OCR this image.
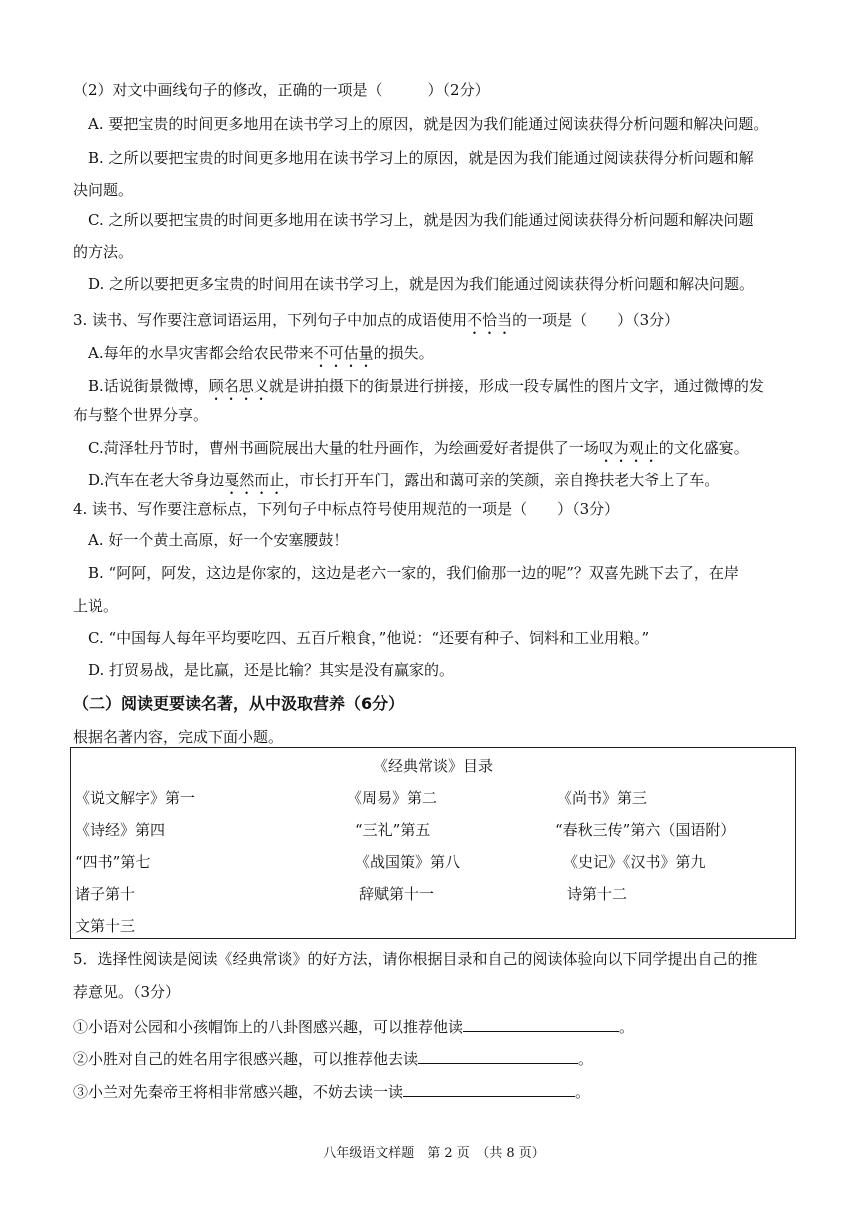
（2）对文中画线句子的修改，正确的一项是（　　　）（2分）
A. 要把宝贵的时间更多地用在读书学习上的原因，就是因为我们能通过阅读获得分析问题和解决问题。
B. 之所以要把宝贵的时间更多地用在读书学习上的原因，就是因为我们能通过阅读获得分析问题和解
决问题。
C. 之所以要把宝贵的时间更多地用在读书学习上，就是因为我们能通过阅读获得分析问题和解决问题
的方法。
D. 之所以要把更多宝贵的时间用在读书学习上，就是因为我们能通过阅读获得分析问题和解决问题。
3. 读书、写作要注意词语运用，下列句子中加点的成语使用不恰当的一项是（　　）（3分）
A.每年的水旱灾害都会给农民带来不可估量的损失。
B.话说街景微博，顾名思义就是讲拍摄下的街景进行拼接，形成一段专属性的图片文字，通过微博的发
布与整个世界分享。
C.菏泽牡丹节时，曹州书画院展出大量的牡丹画作，为绘画爱好者提供了一场叹为观止的文化盛宴。
D.汽车在老大爷身边戛然而止，市长打开车门，露出和蔼可亲的笑颜，亲自搀扶老大爷上了车。
4. 读书、写作要注意标点，下列句子中标点符号使用规范的一项是（　　）（3分）
A. 好一个黄土高原，好一个安塞腰鼓！
B. “阿阿，阿发，这边是你家的，这边是老六一家的，我们偷那一边的呢”？双喜先跳下去了，在岸
上说。
C. “中国每人每年平均要吃四、五百斤粮食，”他说：“还要有种子、饲料和工业用粮。”
D. 打贸易战，是比赢，还是比输？其实是没有赢家的。
（二）阅读更要读名著，从中汲取营养（6分）
根据名著内容，完成下面小题。
《经典常谈》目录
《说文解字》第一	《周易》第二	《尚书》第三
《诗经》第四	“三礼”第五	“春秋三传”第六（国语附）
“四书”第七	《战国策》第八	《史记》《汉书》第九
诸子第十	辞赋第十一	诗第十二
文第十三
5．选择性阅读是阅读《经典常谈》的好方法，请你根据目录和自己的阅读体验向以下同学提出自己的推
荐意见。（3分）
①小语对公园和小孩帽饰上的八卦图感兴趣，可以推荐他读	。
②小胜对自己的姓名用字很感兴趣，可以推荐他去读	。
③小兰对先秦帝王将相非常感兴趣，不妨去读一读	。
八年级语文样题　第 2 页　（共 8 页）
